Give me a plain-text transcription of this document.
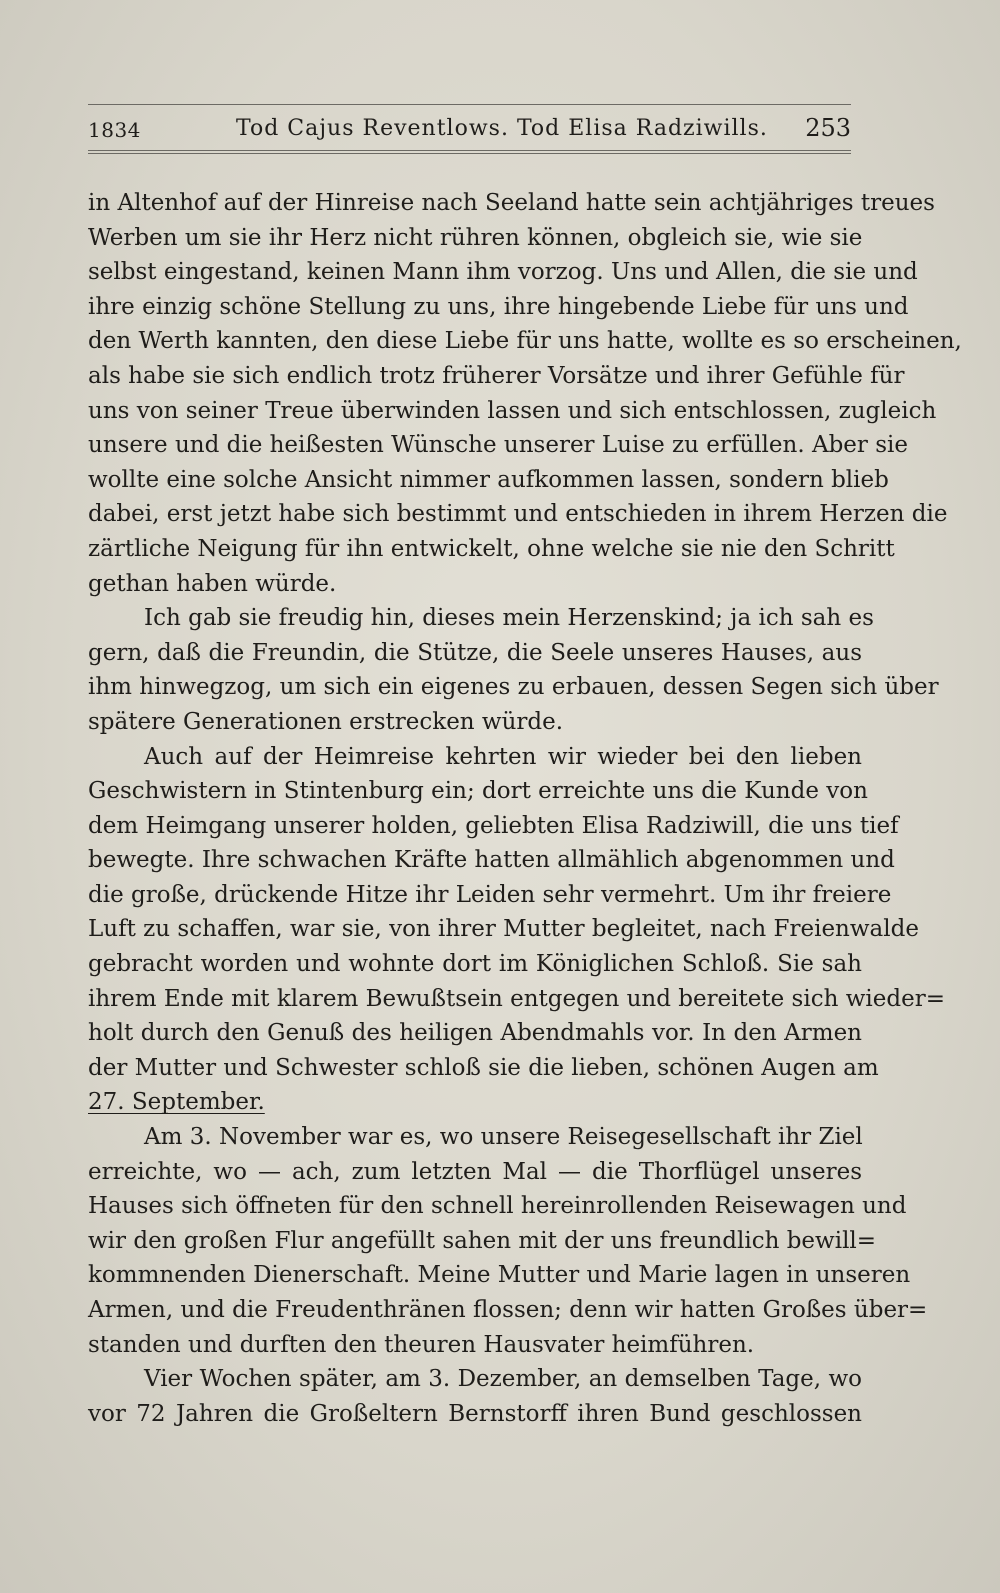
1834	Tod Cajus Reventlows. Tod Elisa Radziwills. 253
in Altenhof auf der Hinreise nach Seeland hatte sein achtjähriges treues
Werben um sie ihr Herz nicht rühren können, obgleich sie, wie sie
selbst eingestand, keinen Mann ihm vorzog. Uns und Allen, die sie und
ihre einzig schöne Stellung zu uns, ihre hingebende Liebe für uns und
den Werth kannten, den diese Liebe für uns hatte, wollte es so erscheinen,
als habe sie sich endlich trotz früherer Vorsätze und ihrer Gefühle für
uns von seiner Treue überwinden lassen und sich entschlossen, zugleich
unsere und die heißesten Wünsche unserer Luise zu erfüllen. Aber sie
wollte eine solche Ansicht nimmer aufkommen lassen, sondern blieb
dabei, erst jetzt habe sich bestimmt und entschieden in ihrem Herzen die
zärtliche Neigung für ihn entwickelt, ohne welche sie nie den Schritt
gethan haben würde.
Ich gab sie freudig hin, dieses mein Herzenskind; ja ich sah es
gern, daß die Freundin, die Stütze, die Seele unseres Hauses, aus
ihm hinwegzog, um sich ein eigenes zu erbauen, dessen Segen sich über
spätere Generationen erstrecken würde.
Auch auf der Heimreise kehrten wir wieder bei den lieben
Geschwistern in Stintenburg ein; dort erreichte uns die Kunde von
dem Heimgang unserer holden, geliebten Elisa Radziwill, die uns tief
bewegte. Ihre schwachen Kräfte hatten allmählich abgenommen und
die große, drückende Hitze ihr Leiden sehr vermehrt. Um ihr freiere
Luft zu schaffen, war sie, von ihrer Mutter begleitet, nach Freienwalde
gebracht worden und wohnte dort im Königlichen Schloß. Sie sah
ihrem Ende mit klarem Bewußtsein entgegen und bereitete sich wieder=
holt durch den Genuß des heiligen Abendmahls vor. In den Armen
der Mutter und Schwester schloß sie die lieben, schönen Augen am
27. September.
Am 3. November war es, wo unsere Reisegesellschaft ihr Ziel
erreichte, wo — ach, zum letzten Mal — die Thorflügel unseres
Hauses sich öffneten für den schnell hereinrollenden Reisewagen und
wir den großen Flur angefüllt sahen mit der uns freundlich bewill=
kommnenden Dienerschaft. Meine Mutter und Marie lagen in unseren
Armen, und die Freudenthränen flossen; denn wir hatten Großes über=
standen und durften den theuren Hausvater heimführen.
Vier Wochen später, am 3. Dezember, an demselben Tage, wo
vor 72 Jahren die Großeltern Bernstorff ihren Bund geschlossen
